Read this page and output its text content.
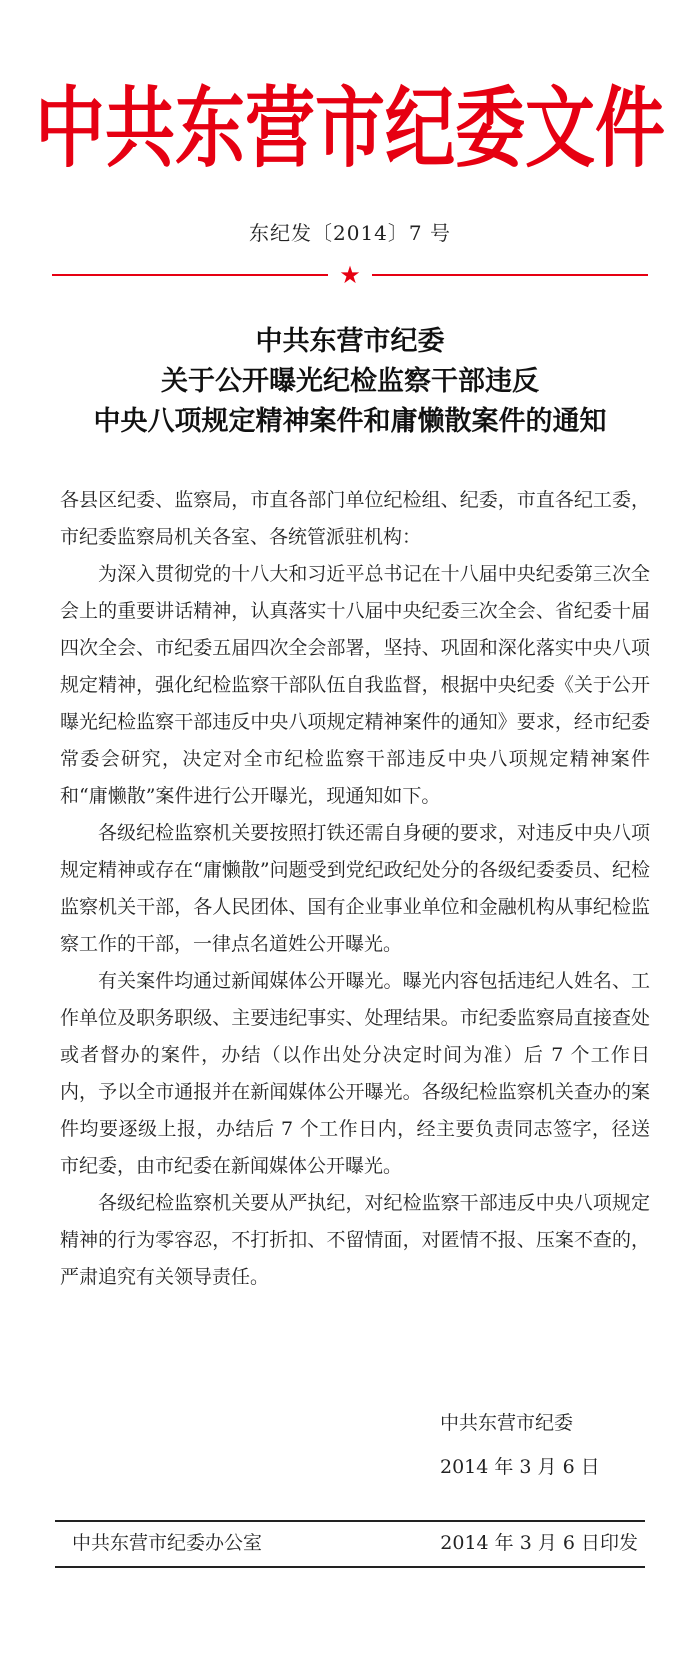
中共东营市纪委文件
东纪发〔2014〕7 号
★
中共东营市纪委
关于公开曝光纪检监察干部违反
中央八项规定精神案件和庸懒散案件的通知

各县区纪委、监察局，市直各部门单位纪检组、纪委，市直各纪工委，市纪委监察局机关各室、各统管派驻机构：

为深入贯彻党的十八大和习近平总书记在十八届中央纪委第三次全会上的重要讲话精神，认真落实十八届中央纪委三次全会、省纪委十届四次全会、市纪委五届四次全会部署，坚持、巩固和深化落实中央八项规定精神，强化纪检监察干部队伍自我监督，根据中央纪委《关于公开曝光纪检监察干部违反中央八项规定精神案件的通知》要求，经市纪委常委会研究，决定对全市纪检监察干部违反中央八项规定精神案件和“庸懒散”案件进行公开曝光，现通知如下。

各级纪检监察机关要按照打铁还需自身硬的要求，对违反中央八项规定精神或存在“庸懒散”问题受到党纪政纪处分的各级纪委委员、纪检监察机关干部，各人民团体、国有企业事业单位和金融机构从事纪检监察工作的干部，一律点名道姓公开曝光。

有关案件均通过新闻媒体公开曝光。曝光内容包括违纪人姓名、工作单位及职务职级、主要违纪事实、处理结果。市纪委监察局直接查处或者督办的案件，办结（以作出处分决定时间为准）后 7 个工作日内，予以全市通报并在新闻媒体公开曝光。各级纪检监察机关查办的案件均要逐级上报，办结后 7 个工作日内，经主要负责同志签字，径送市纪委，由市纪委在新闻媒体公开曝光。

各级纪检监察机关要从严执纪，对纪检监察干部违反中央八项规定精神的行为零容忍，不打折扣、不留情面，对匿情不报、压案不查的，严肃追究有关领导责任。

中共东营市纪委
2014 年 3 月 6 日
中共东营市纪委办公室	2014 年 3 月 6 日印发
